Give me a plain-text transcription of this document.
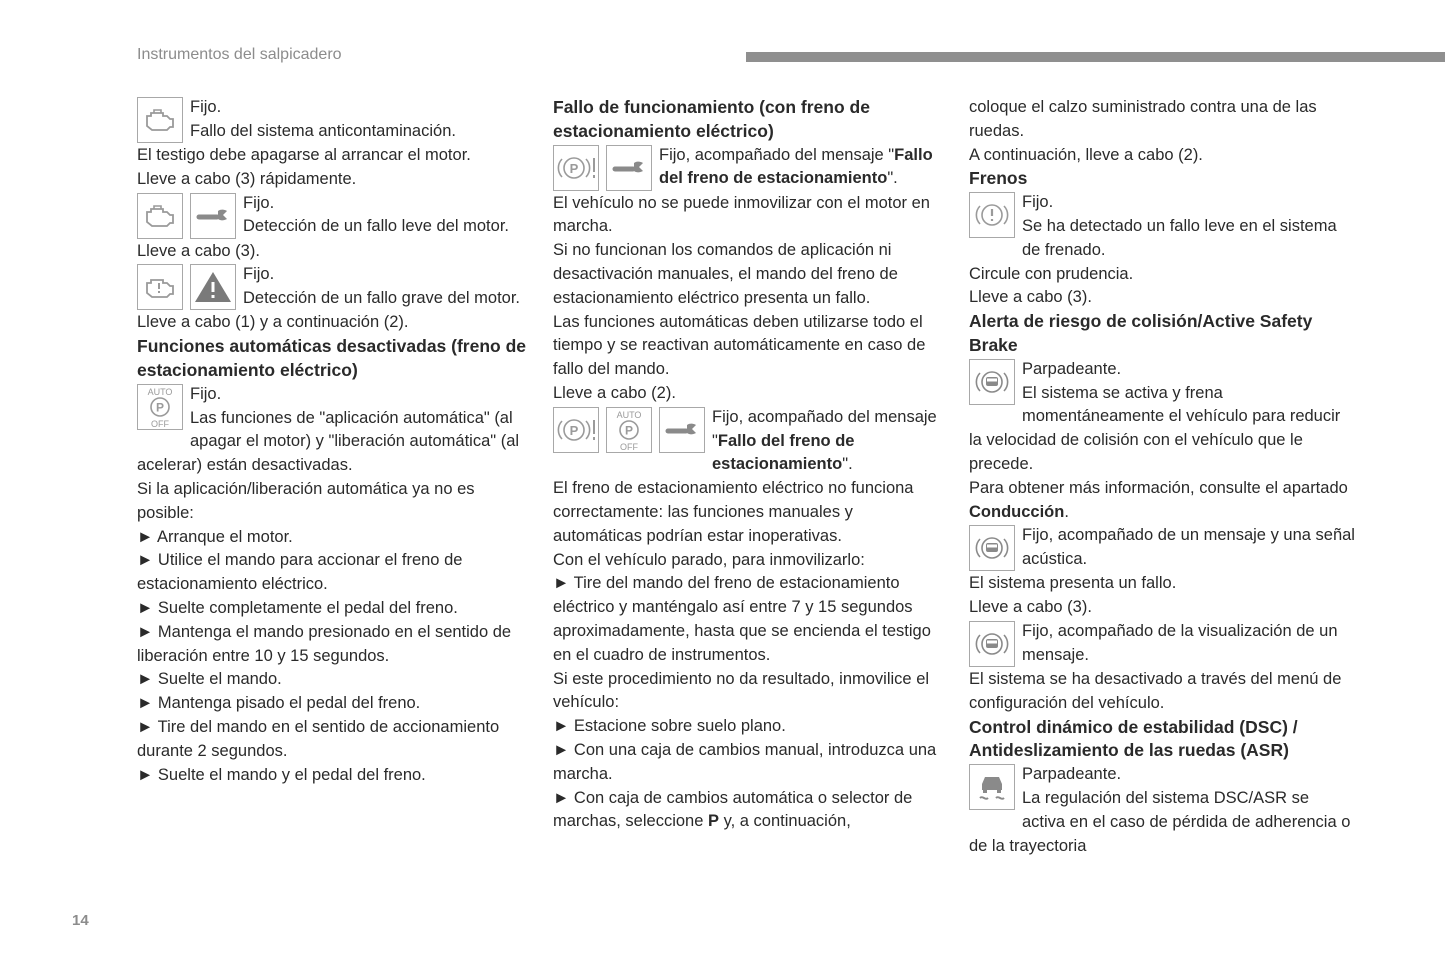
Instrumentos del salpicadero
14

Fijo.

Fallo del sistema anticontaminación.

El testigo debe apagarse al arrancar el motor.

Lleve a cabo (3) rápidamente.

Fijo.

Detección de un fallo leve del motor.

Lleve a cabo (3).

Fijo.

Detección de un fallo grave del motor.

Lleve a cabo (1) y a continuación (2).

Funciones automáticas desactivadas (freno de estacionamiento eléctrico)

AUTO
P
OFF

Fijo.

Las funciones de "aplicación automática" (al apagar el motor) y "liberación automática" (al acelerar) están desactivadas.

Si la aplicación/liberación automática ya no es posible:

► Arranque el motor.

► Utilice el mando para accionar el freno de estacionamiento eléctrico.

► Suelte completamente el pedal del freno.

► Mantenga el mando presionado en el sentido de liberación entre 10 y 15 segundos.

► Suelte el mando.

► Mantenga pisado el pedal del freno.

► Tire del mando en el sentido de accionamiento durante 2 segundos.

► Suelte el mando y el pedal del freno.

Fallo de funcionamiento (con freno de estacionamiento eléctrico)

P

Fijo, acompañado del mensaje "Fallo del freno de estacionamiento".

El vehículo no se puede inmovilizar con el motor en marcha.

Si no funcionan los comandos de aplicación ni desactivación manuales, el mando del freno de estacionamiento eléctrico presenta un fallo.

Las funciones automáticas deben utilizarse todo el tiempo y se reactivan automáticamente en caso de fallo del mando.

Lleve a cabo (2).

P
AUTO
P
OFF

Fijo, acompañado del mensaje "Fallo del freno de estacionamiento".

El freno de estacionamiento eléctrico no funciona correctamente: las funciones manuales y automáticas podrían estar inoperativas.

Con el vehículo parado, para inmovilizarlo:

► Tire del mando del freno de estacionamiento eléctrico y manténgalo así entre 7 y 15 segundos aproximadamente, hasta que se encienda el testigo en el cuadro de instrumentos.

Si este procedimiento no da resultado, inmovilice el vehículo:

► Estacione sobre suelo plano.

► Con una caja de cambios manual, introduzca una marcha.

► Con caja de cambios automática o selector de marchas, seleccione P y, a continuación,

coloque el calzo suministrado contra una de las ruedas.

A continuación, lleve a cabo (2).

Frenos

Fijo.

Se ha detectado un fallo leve en el sistema de frenado.

Circule con prudencia.

Lleve a cabo (3).

Alerta de riesgo de colisión/Active Safety Brake

Parpadeante.

El sistema se activa y frena momentáneamente el vehículo para reducir la velocidad de colisión con el vehículo que le precede.

Para obtener más información, consulte el apartado Conducción.

Fijo, acompañado de un mensaje y una señal acústica.

El sistema presenta un fallo.

Lleve a cabo (3).

Fijo, acompañado de la visualización de un mensaje.

El sistema se ha desactivado a través del menú de configuración del vehículo.

Control dinámico de estabilidad (DSC) / Antideslizamiento de las ruedas (ASR)

Parpadeante.

La regulación del sistema DSC/ASR se activa en el caso de pérdida de adherencia o de la trayectoria
